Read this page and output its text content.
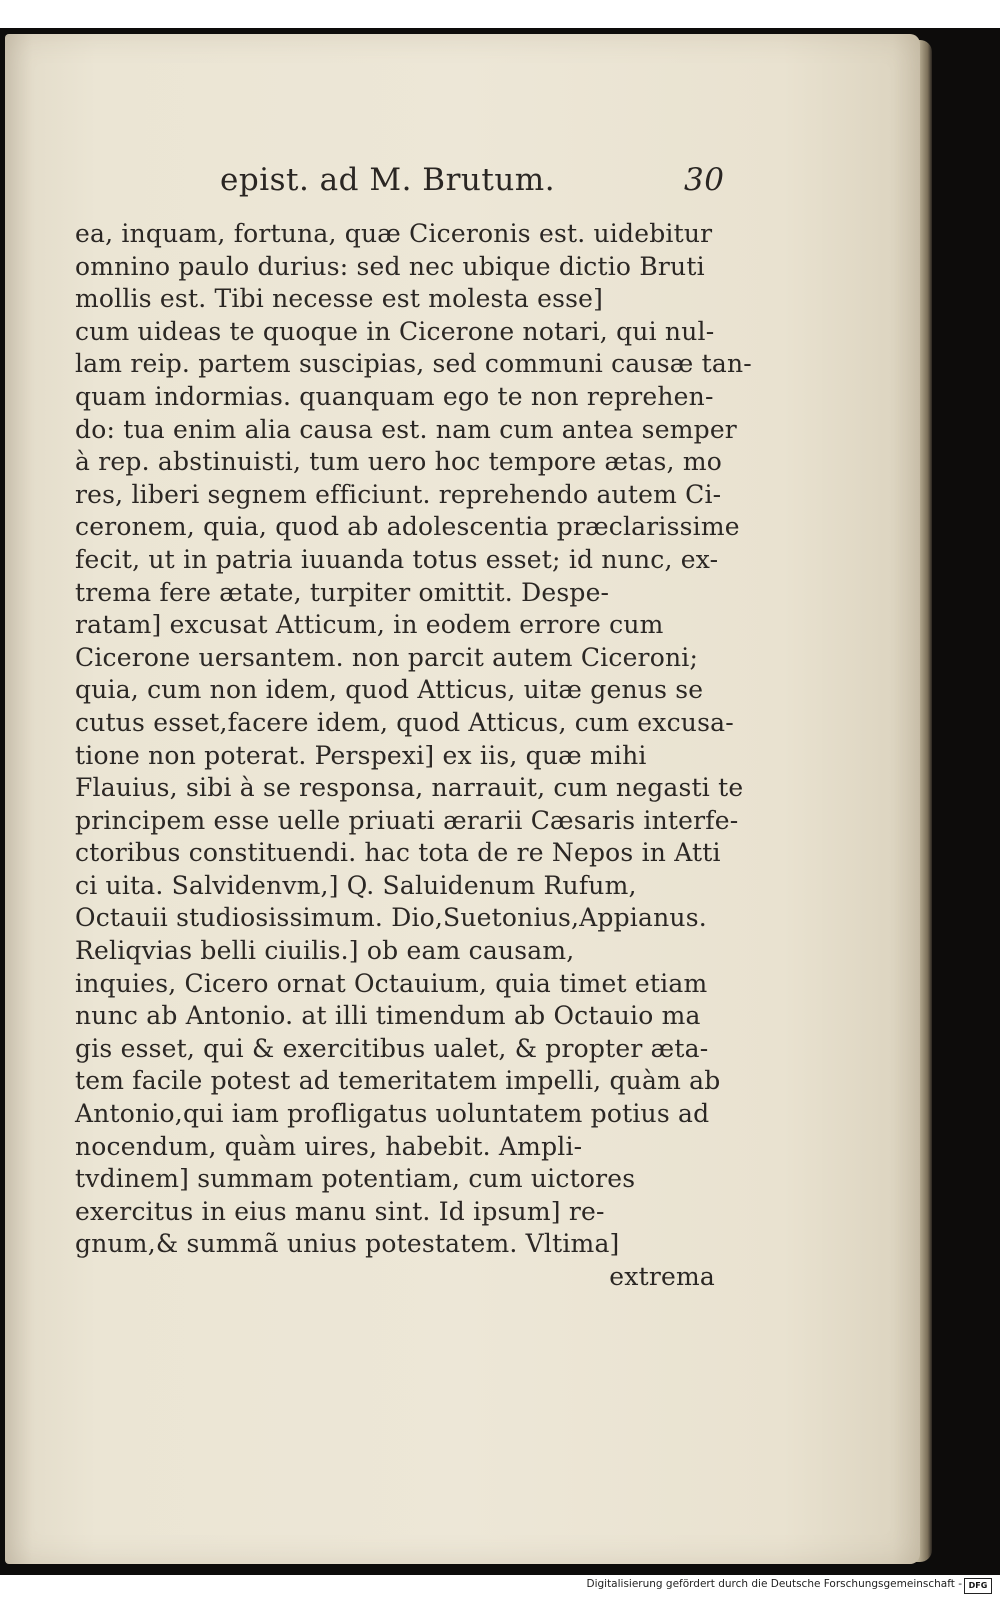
epist. ad M. Brutum.	30
ea, inquam, fortuna, quæ Ciceronis est. uidebitur
omnino paulo durius: sed nec ubique dictio Bruti
mollis est. Tibi necesse est molesta esse]
cum uideas te quoque in Cicerone notari, qui nul-
lam reip. partem suscipias, sed communi causæ tan-
quam indormias. quanquam ego te non reprehen-
do: tua enim alia causa est. nam cum antea semper
à rep. abstinuisti, tum uero hoc tempore ætas, mo
res, liberi segnem efficiunt. reprehendo autem Ci-
ceronem, quia, quod ab adolescentia præclarissime
fecit, ut in patria iuuanda totus esset; id nunc, ex-
trema fere ætate, turpiter omittit. Despe-
ratam] excusat Atticum, in eodem errore cum
Cicerone uersantem. non parcit autem Ciceroni;
quia, cum non idem, quod Atticus, uitæ genus se
cutus esset,facere idem, quod Atticus, cum excusa-
tione non poterat. Perspexi] ex iis, quæ mihi
Flauius, sibi à se responsa, narrauit, cum negasti te
principem esse uelle priuati ærarii Cæsaris interfe-
ctoribus constituendi. hac tota de re Nepos in Atti
ci uita. Salvidenvm,] Q. Saluidenum Rufum,
Octauii studiosissimum. Dio,Suetonius,Appianus.
Reliqvias belli ciuilis.] ob eam causam,
inquies, Cicero ornat Octauium, quia timet etiam
nunc ab Antonio. at illi timendum ab Octauio ma
gis esset, qui & exercitibus ualet, & propter æta-
tem facile potest ad temeritatem impelli, quàm ab
Antonio,qui iam profligatus uoluntatem potius ad
nocendum, quàm uires, habebit. Ampli-
tvdinem] summam potentiam, cum uictores
exercitus in eius manu sint. Id ipsum] re-
gnum,& summã unius potestatem. Vltima]
extrema
Digitalisierung gefördert durch die Deutsche Forschungsgemeinschaft - DFG
